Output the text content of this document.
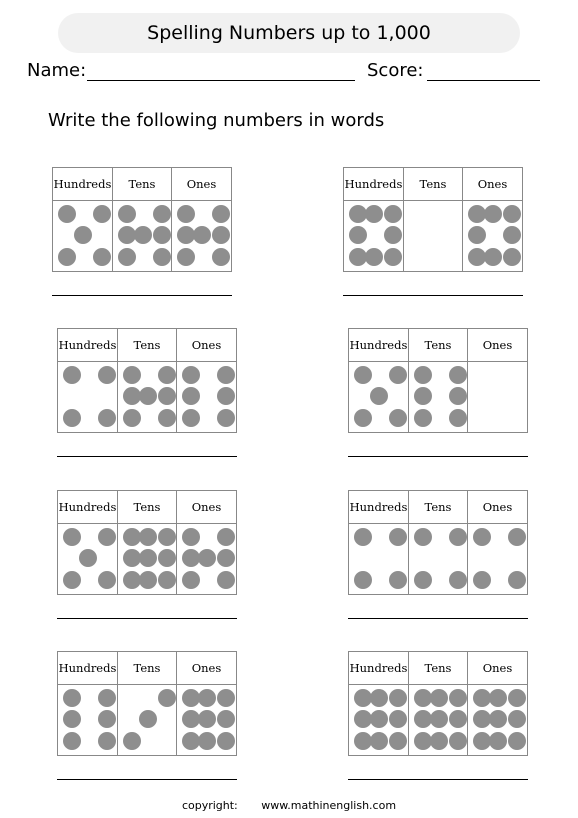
Spelling Numbers up to 1,000
Name:	Score:
Write the following numbers in words
Hundreds	Tens	Ones	Hundreds	Tens	Ones
Hundreds	Tens	Ones	Hundreds	Tens	Ones
Hundreds	Tens	Ones	Hundreds	Tens	Ones
Hundreds	Tens	Ones	Hundreds	Tens	Ones
copyright: www.mathinenglish.com
